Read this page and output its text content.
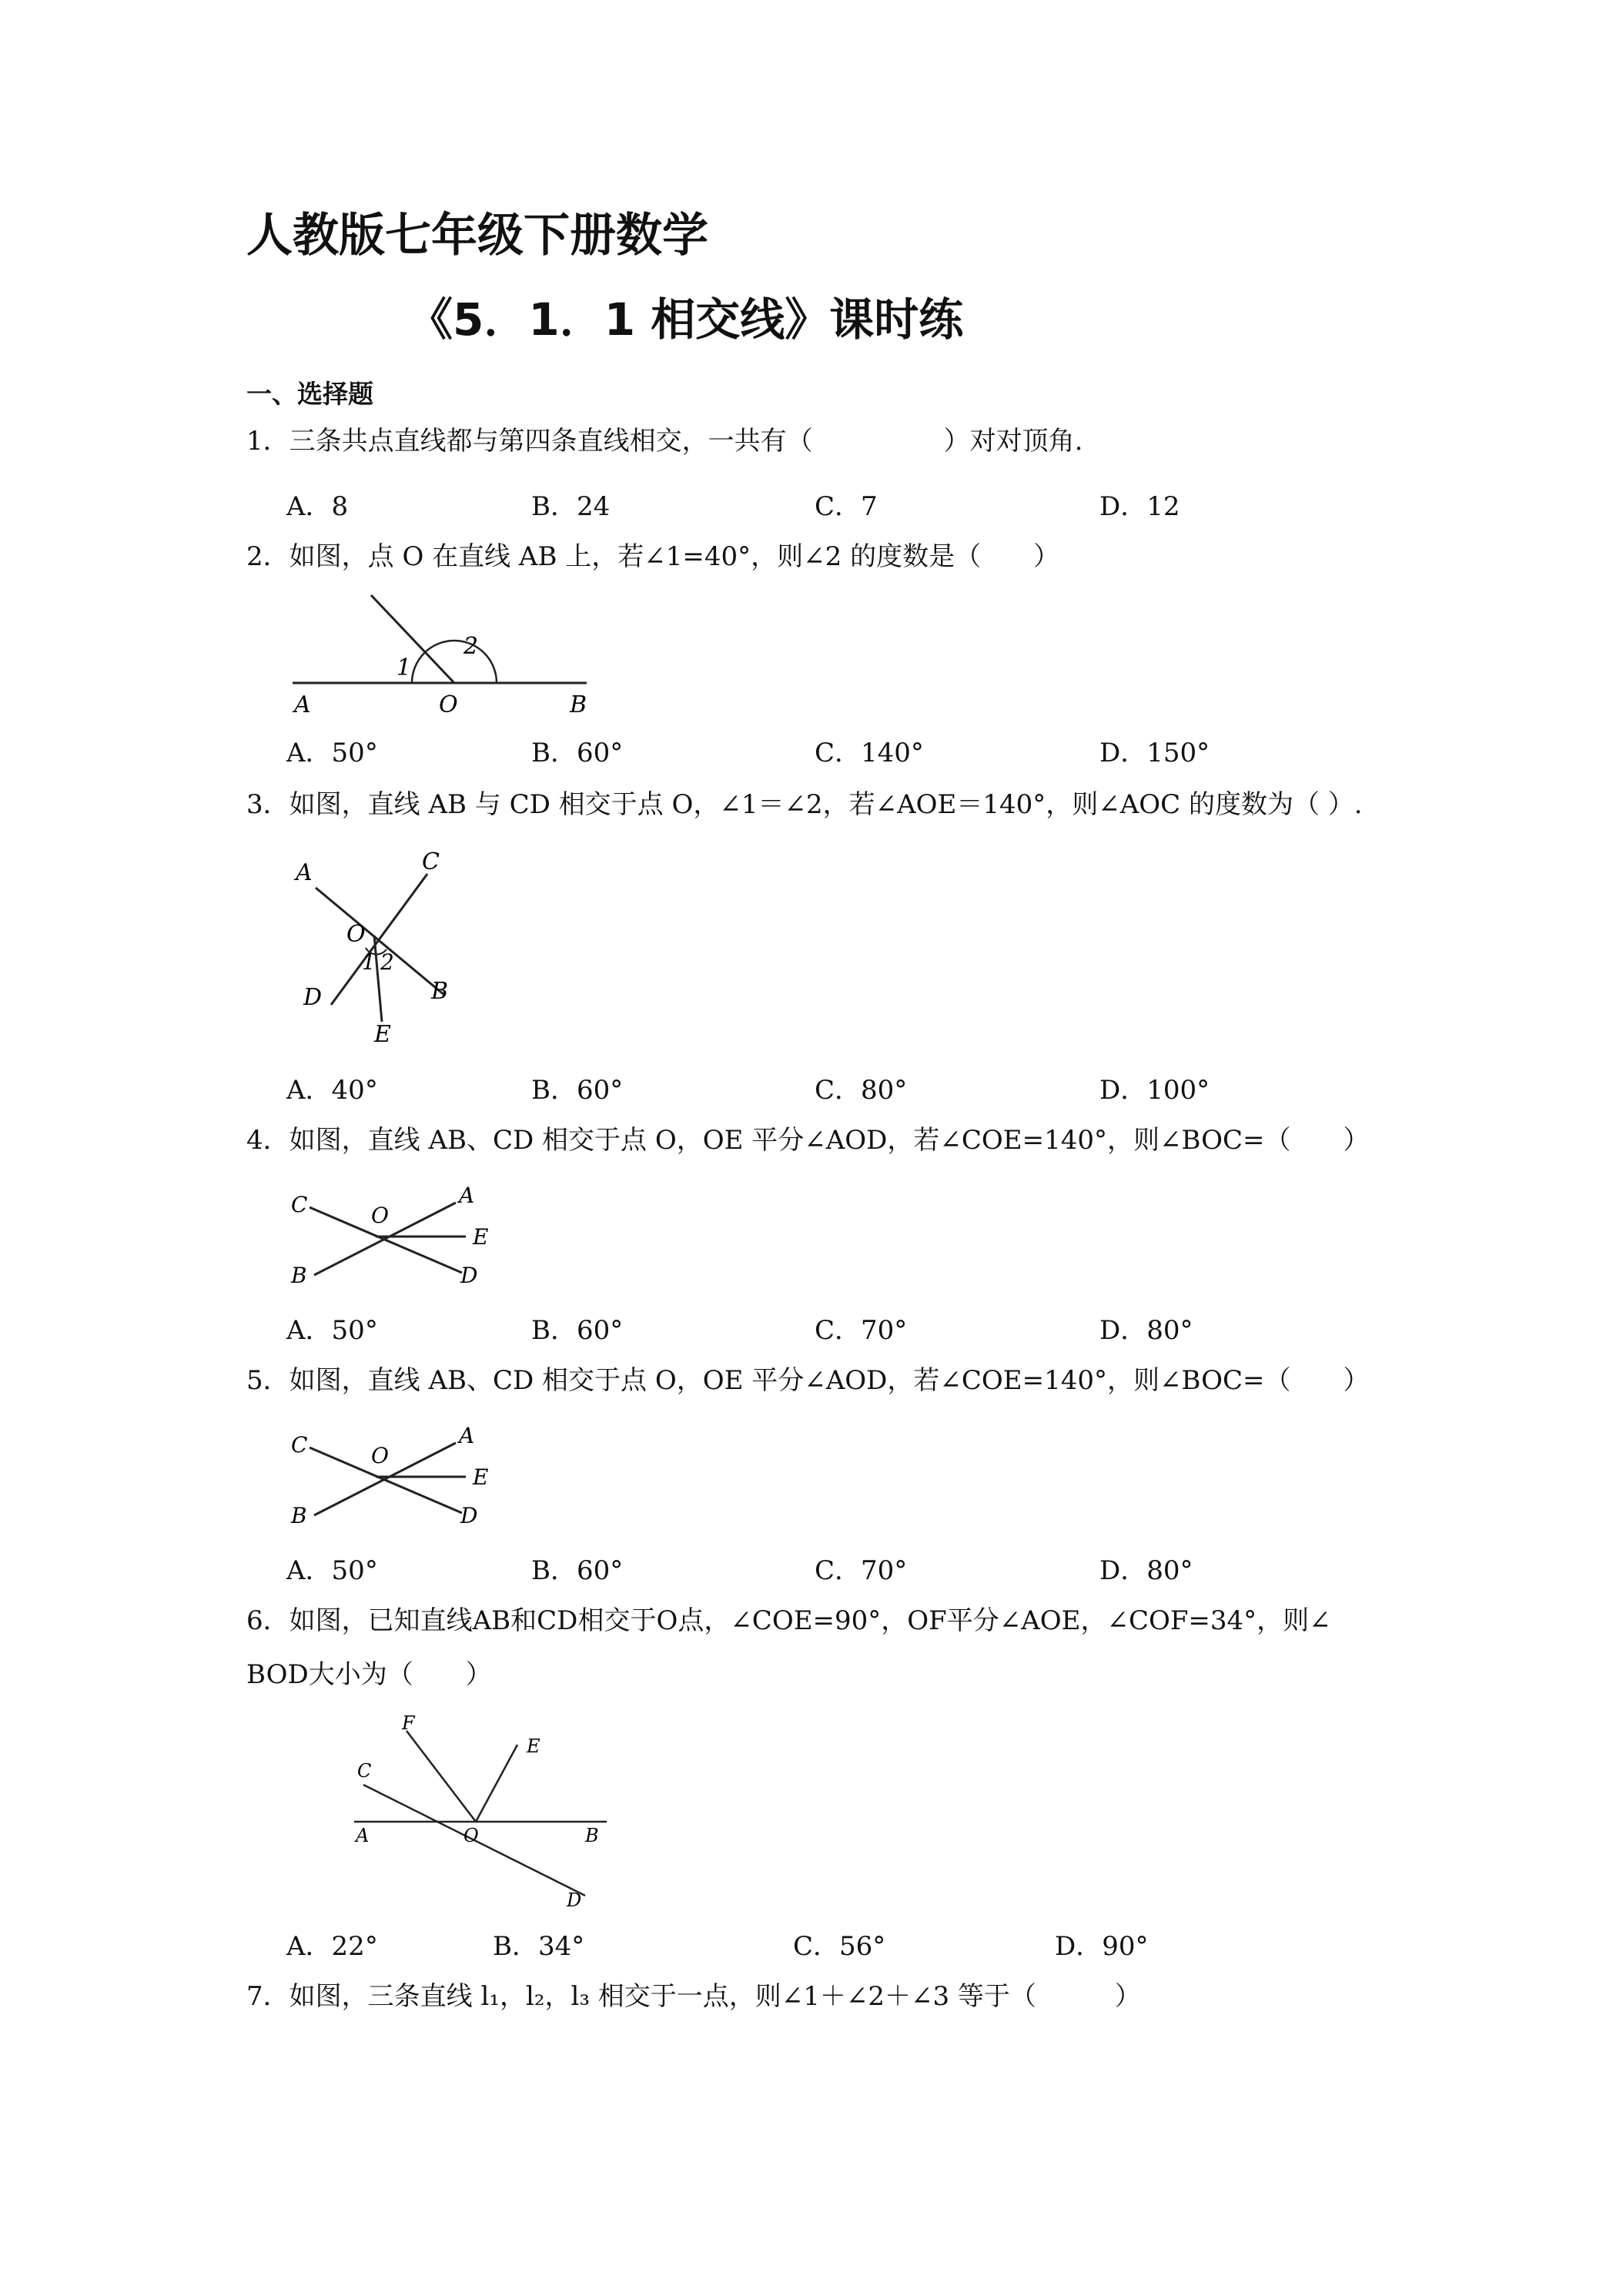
人教版七年级下册数学
《5．1．1 相交线》课时练
一、选择题
1．三条共点直线都与第四条直线相交，一共有（　　　　　）对对顶角.
A．8	B．24	C．7	D．12
2．如图，点 O 在直线 AB 上，若∠1=40°，则∠2 的度数是（　　）
A	O	B
1
2
A．50°	B．60°	C．140°	D．150°
3．如图，直线 AB 与 CD 相交于点 O，∠1＝∠2，若∠AOE＝140°，则∠AOC 的度数为（ ）.
A	C
O
1 2
D	B
E
A．40°	B．60°	C．80°	D．100°
4．如图，直线 AB、CD 相交于点 O，OE 平分∠AOD，若∠COE=140°，则∠BOC=（　　）
C	O
A
E
B	D
A．50°	B．60°	C．70°	D．80°
5．如图，直线 AB、CD 相交于点 O，OE 平分∠AOD，若∠COE=140°，则∠BOC=（　　）
C	O
A
E
B	D
A．50°	B．60°	C．70°	D．80°
6．如图，已知直线AB和CD相交于O点，∠COE=90°，OF平分∠AOE，∠COF=34°，则∠
BOD大小为（　　）
F
E
C
A	O	B
D
A．22°	B．34°	C．56°	D．90°
7．如图，三条直线 l₁，l₂，l₃ 相交于一点，则∠1＋∠2＋∠3 等于（　　　）
